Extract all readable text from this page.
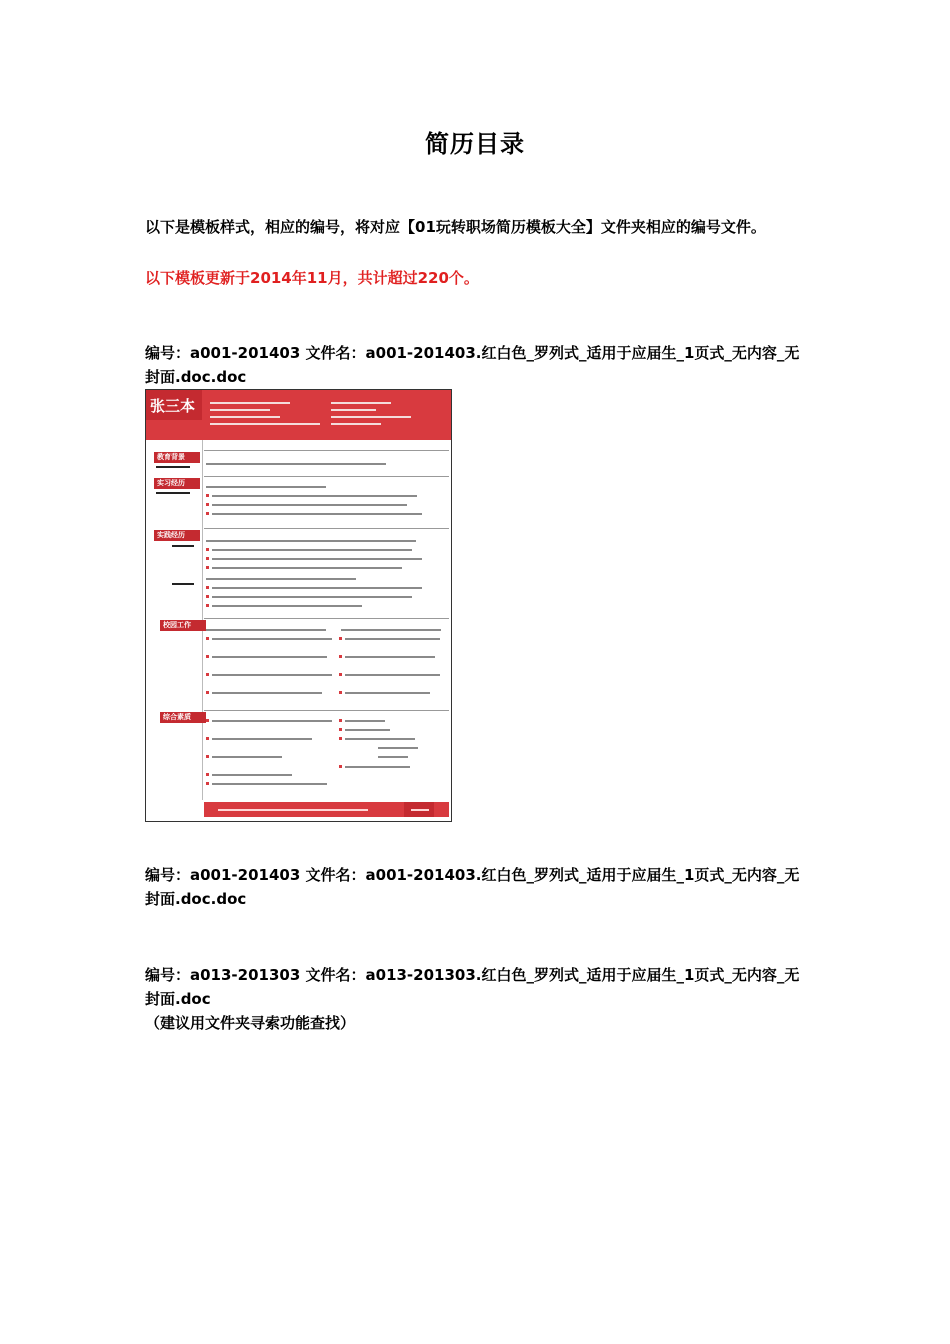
简历目录
以下是模板样式，相应的编号，将对应【01玩转职场简历模板大全】文件夹相应的编号文件。
以下模板更新于2014年11月，共计超过220个。
编号：a001-201403 文件名：a001-201403.红白色_罗列式_适用于应届生_1页式_无内容_无
封面.doc.doc
张三本
教育背景
实习经历
实践经历
校园工作
综合素质
编号：a001-201403 文件名：a001-201403.红白色_罗列式_适用于应届生_1页式_无内容_无
封面.doc.doc
编号：a013-201303 文件名：a013-201303.红白色_罗列式_适用于应届生_1页式_无内容_无
封面.doc
（建议用文件夹寻索功能查找）
